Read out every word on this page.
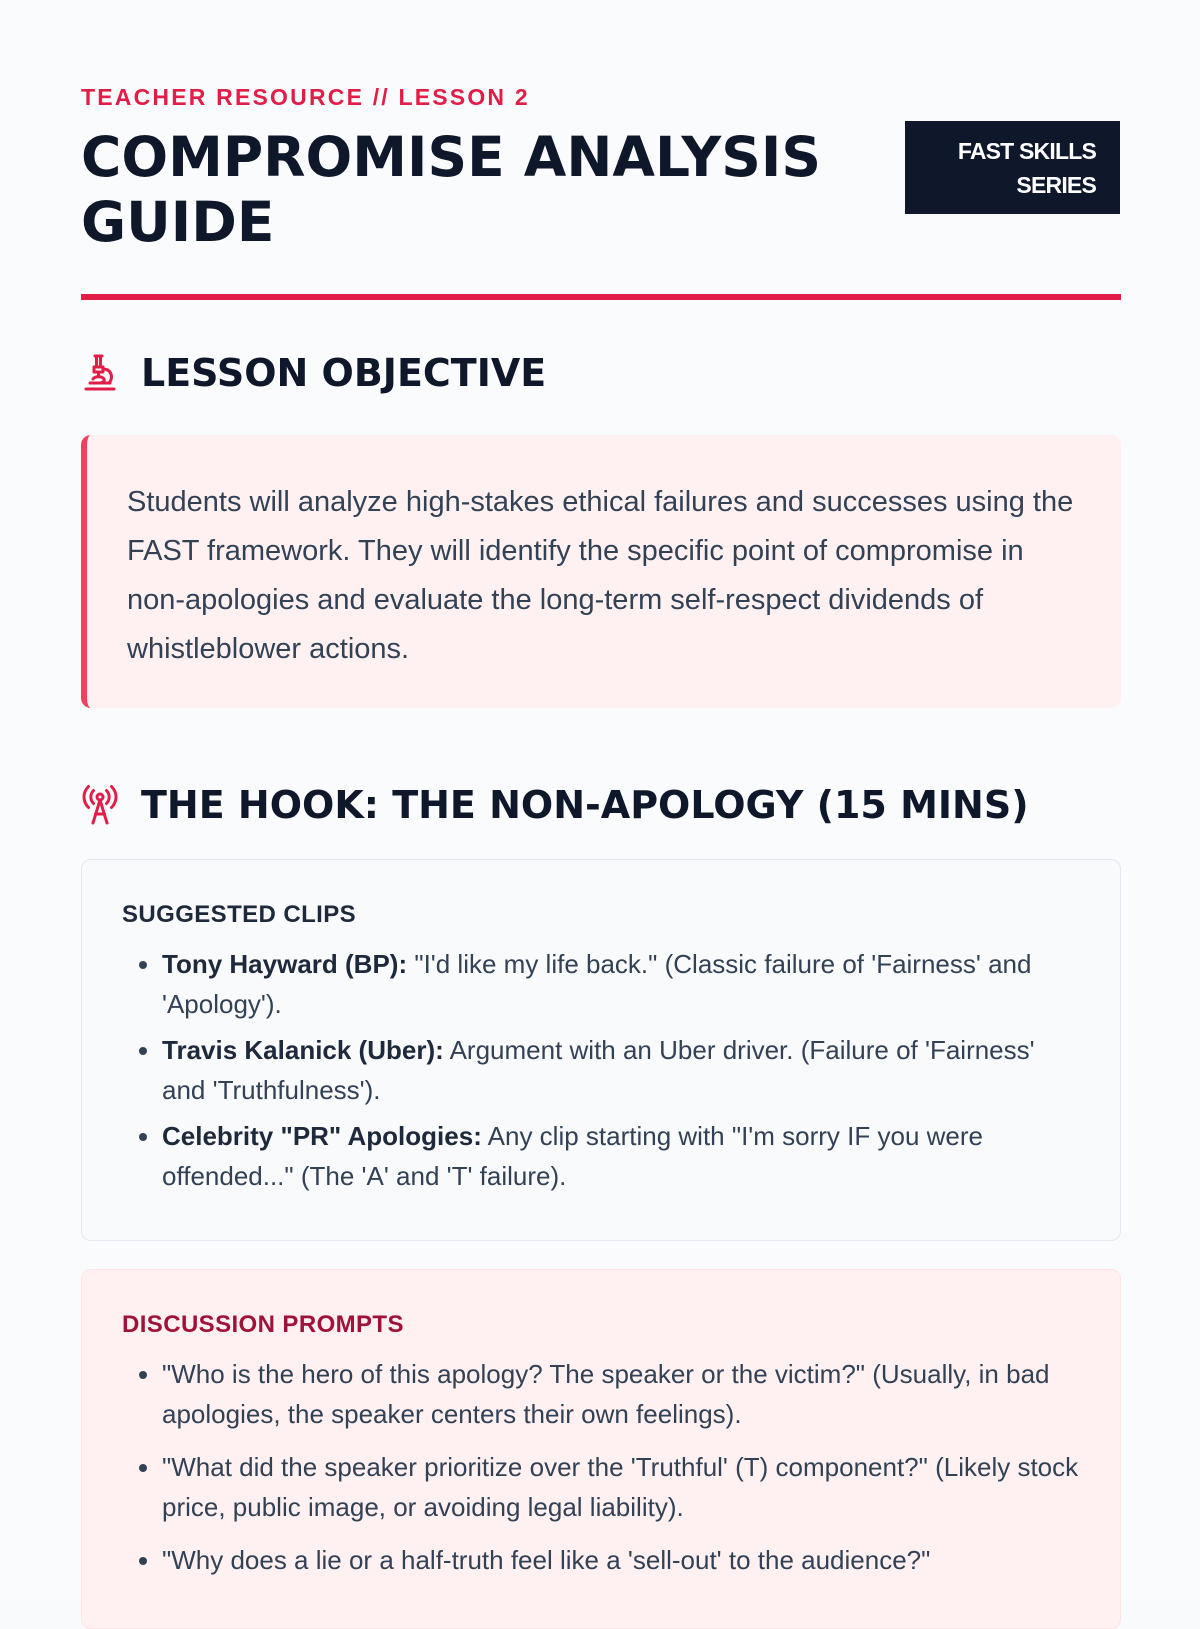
TEACHER RESOURCE // LESSON 2
COMPROMISE ANALYSIS GUIDE
FAST SKILLS
SERIES
LESSON OBJECTIVE

Students will analyze high-stakes ethical failures and successes using the FAST framework. They will identify the specific point of compromise in non-apologies and evaluate the long-term self-respect dividends of whistleblower actions.

THE HOOK: THE NON-APOLOGY (15 MINS)
SUGGESTED CLIPS
• Tony Hayward (BP): "I'd like my life back." (Classic failure of 'Fairness' and 'Apology').
• Travis Kalanick (Uber): Argument with an Uber driver. (Failure of 'Fairness' and 'Truthfulness').
• Celebrity "PR" Apologies: Any clip starting with "I'm sorry IF you were offended..." (The 'A' and 'T' failure).
DISCUSSION PROMPTS
• "Who is the hero of this apology? The speaker or the victim?" (Usually, in bad apologies, the speaker centers their own feelings).
• "What did the speaker prioritize over the 'Truthful' (T) component?" (Likely stock price, public image, or avoiding legal liability).
• "Why does a lie or a half-truth feel like a 'sell-out' to the audience?"
